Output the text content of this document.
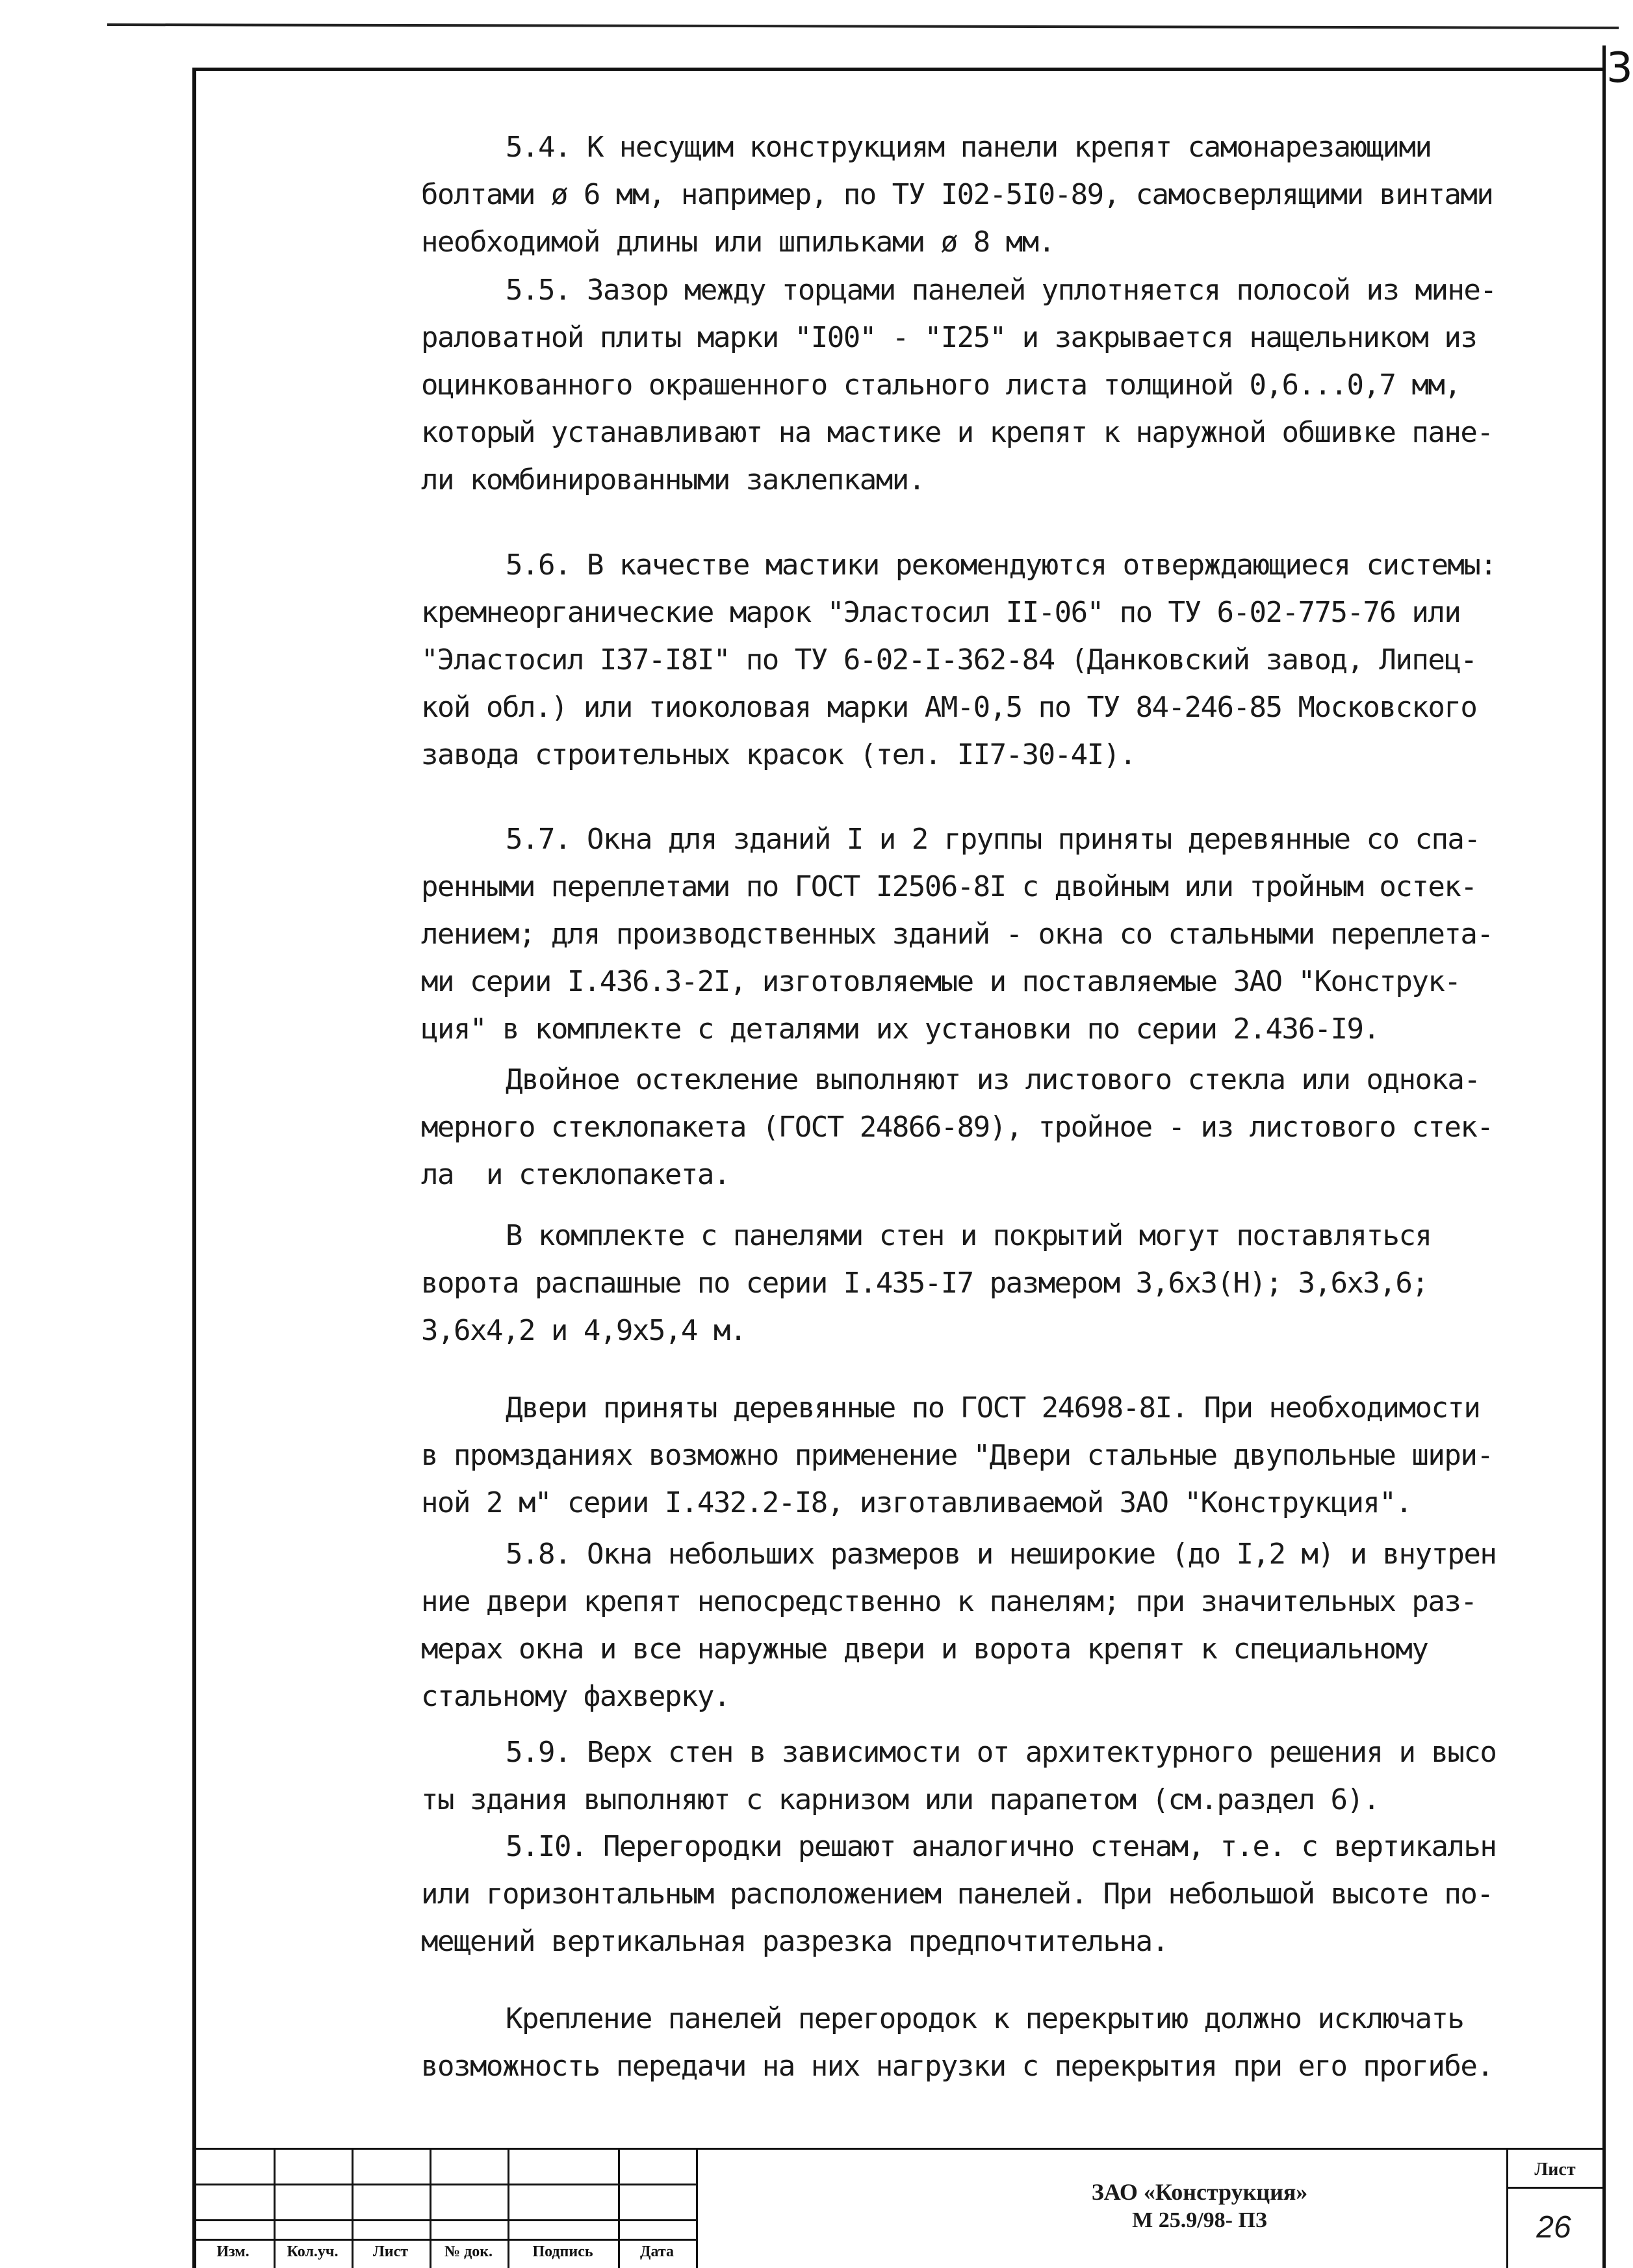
3
5.4. К несущим конструкциям панели крепят самонарезающими
болтами ø 6 мм, например, по ТУ I02-5I0-89, самосверлящими винтами
необходимой длины или шпильками ø 8 мм.
5.5. Зазор между торцами панелей уплотняется полосой из мине-
раловатной плиты марки "I00" - "I25" и закрывается нащельником из
оцинкованного окрашенного стального листа толщиной 0,6...0,7 мм,
который устанавливают на мастике и крепят к наружной обшивке пане-
ли комбинированными заклепками.
5.6. В качестве мастики рекомендуются отверждающиеся системы:
кремнеорганические марок "Эластосил II-06" по ТУ 6-02-775-76 или
"Эластосил I37-I8I" по ТУ 6-02-I-362-84 (Данковский завод, Липец-
кой обл.) или тиоколовая марки АМ-0,5 по ТУ 84-246-85 Московского
завода строительных красок (тел. II7-30-4I).
5.7. Окна для зданий I и 2 группы приняты деревянные со спа-
ренными переплетами по ГОСТ I2506-8I с двойным или тройным остек-
лением; для производственных зданий - окна со стальными переплета-
ми серии I.436.3-2I, изготовляемые и поставляемые ЗАО "Конструк-
ция" в комплекте с деталями их установки по серии 2.436-I9.
Двойное остекление выполняют из листового стекла или однока-
мерного стеклопакета (ГОСТ 24866-89), тройное - из листового стек-
ла  и стеклопакета.
В комплекте с панелями стен и покрытий могут поставляться
ворота распашные по серии I.435-I7 размером 3,6х3(Н); 3,6х3,6;
3,6х4,2 и 4,9х5,4 м.
Двери приняты деревянные по ГОСТ 24698-8I. При необходимости
в промзданиях возможно применение "Двери стальные двупольные шири-
ной 2 м" серии I.432.2-I8, изготавливаемой ЗАО "Конструкция".
5.8. Окна небольших размеров и неширокие (до I,2 м) и внутрен
ние двери крепят непосредственно к панелям; при значительных раз-
мерах окна и все наружные двери и ворота крепят к специальному
стальному фахверку.
5.9. Верх стен в зависимости от архитектурного решения и высо
ты здания выполняют с карнизом или парапетом (см.раздел 6).
5.I0. Перегородки решают аналогично стенам, т.е. с вертикальн
или горизонтальным расположением панелей. При небольшой высоте по-
мещений вертикальная разрезка предпочтительна.
Крепление панелей перегородок к перекрытию должно исключать
возможность передачи на них нагрузки с перекрытия при его прогибе.
Изм.	Кол.уч.	Лист	№ док.	Подпись	Дата
ЗАО «Конструкция»
М 25.9/98- ПЗ
Лист
26
